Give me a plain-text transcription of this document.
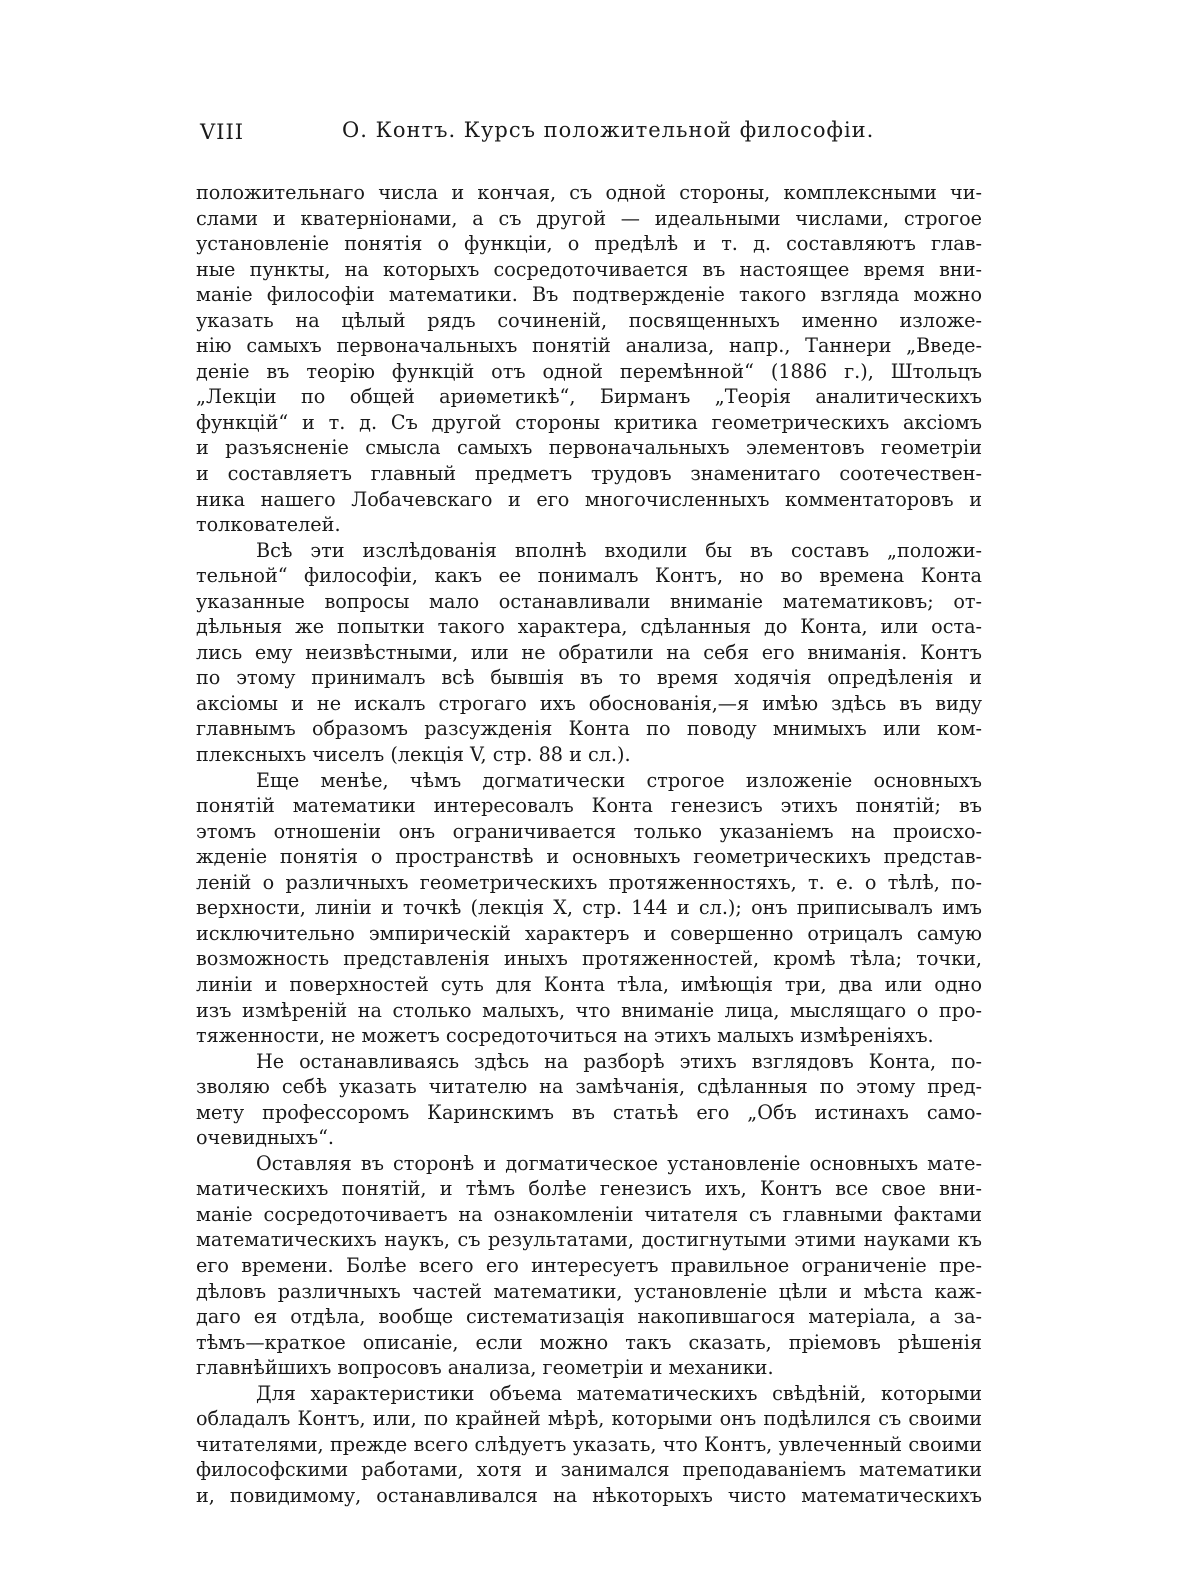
VIII	О. Контъ. Курсъ положительной философіи.
положительнаго числа и кончая, съ одной стороны, комплексными чи-
слами и кватерніонами, а съ другой — идеальными числами, строгое
установленіе понятія о функціи, о предѣлѣ и т. д. составляютъ глав-
ные пункты, на которыхъ сосредоточивается въ настоящее время вни-
маніе философіи математики. Въ подтвержденіе такого взгляда можно
указать на цѣлый рядъ сочиненій, посвященныхъ именно изложе-
нію самыхъ первоначальныхъ понятій анализа, напр., Таннери „Введе-
деніе въ теорію функцій отъ одной перемѣнной“ (1886 г.), Штольцъ
„Лекціи по общей ариѳметикѣ“, Бирманъ „Теорія аналитическихъ
функцій“ и т. д. Съ другой стороны критика геометрическихъ аксіомъ
и разъясненіе смысла самыхъ первоначальныхъ элементовъ геометріи
и составляетъ главный предметъ трудовъ знаменитаго соотечествен-
ника нашего Лобачевскаго и его многочисленныхъ комментаторовъ и
толкователей.
Всѣ эти изслѣдованія вполнѣ входили бы въ составъ „положи-
тельной“ философіи, какъ ее понималъ Контъ, но во времена Конта
указанные вопросы мало останавливали вниманіе математиковъ; от-
дѣльныя же попытки такого характера, сдѣланныя до Конта, или оста-
лись ему неизвѣстными, или не обратили на себя его вниманія. Контъ
по этому принималъ всѣ бывшія въ то время ходячія опредѣленія и
аксіомы и не искалъ строгаго ихъ обоснованія,—я имѣю здѣсь въ виду
главнымъ образомъ разсужденія Конта по поводу мнимыхъ или ком-
плексныхъ чиселъ (лекція V, стр. 88 и сл.).
Еще менѣе, чѣмъ догматически строгое изложеніе основныхъ
понятій математики интересовалъ Конта генезисъ этихъ понятій; въ
этомъ отношеніи онъ ограничивается только указаніемъ на происхо-
жденіе понятія о пространствѣ и основныхъ геометрическихъ представ-
леній о различныхъ геометрическихъ протяженностяхъ, т. е. о тѣлѣ, по-
верхности, линіи и точкѣ (лекція X, стр. 144 и сл.); онъ приписывалъ имъ
исключительно эмпирическій характеръ и совершенно отрицалъ самую
возможность представленія иныхъ протяженностей, кромѣ тѣла; точки,
линіи и поверхностей суть для Конта тѣла, имѣющія три, два или одно
изъ измѣреній на столько малыхъ, что вниманіе лица, мыслящаго о про-
тяженности, не можетъ сосредоточиться на этихъ малыхъ измѣреніяхъ.
Не останавливаясь здѣсь на разборѣ этихъ взглядовъ Конта, по-
зволяю себѣ указать читателю на замѣчанія, сдѣланныя по этому пред-
мету профессоромъ Каринскимъ въ статьѣ его „Объ истинахъ само-
очевидныхъ“.
Оставляя въ сторонѣ и догматическое установленіе основныхъ мате-
матическихъ понятій, и тѣмъ болѣе генезисъ ихъ, Контъ все свое вни-
маніе сосредоточиваетъ на ознакомленіи читателя съ главными фактами
математическихъ наукъ, съ результатами, достигнутыми этими науками къ
его времени. Болѣе всего его интересуетъ правильное ограниченіе пре-
дѣловъ различныхъ частей математики, установленіе цѣли и мѣста каж-
даго ея отдѣла, вообще систематизація накопившагося матеріала, а за-
тѣмъ—краткое описаніе, если можно такъ сказать, пріемовъ рѣшенія
главнѣйшихъ вопросовъ анализа, геометріи и механики.
Для характеристики объема математическихъ свѣдѣній, которыми
обладалъ Контъ, или, по крайней мѣрѣ, которыми онъ подѣлился съ своими
читателями, прежде всего слѣдуетъ указать, что Контъ, увлеченный своими
философскими работами, хотя и занимался преподаваніемъ математики
и, повидимому, останавливался на нѣкоторыхъ чисто математическихъ
